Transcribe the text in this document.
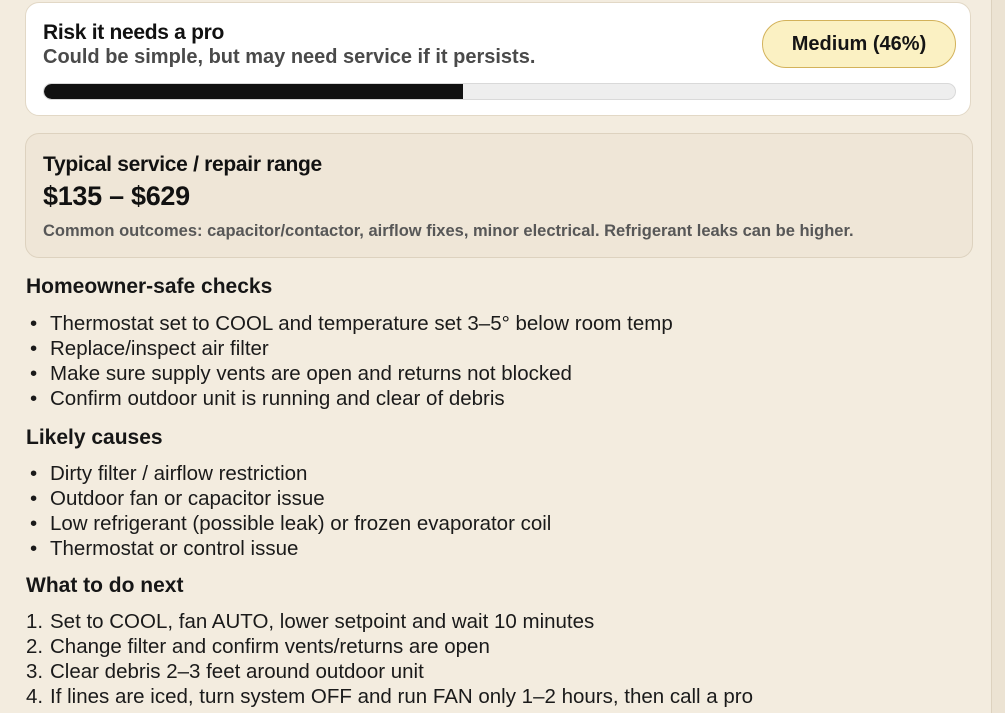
Risk it needs a pro
Could be simple, but may need service if it persists.
Medium (46%)
Typical service / repair range
$135 – $629
Common outcomes: capacitor/contactor, airflow fixes, minor electrical. Refrigerant leaks can be higher.
Homeowner-safe checks
• Thermostat set to COOL and temperature set 3–5° below room temp
• Replace/inspect air filter
• Make sure supply vents are open and returns not blocked
• Confirm outdoor unit is running and clear of debris
Likely causes
• Dirty filter / airflow restriction
• Outdoor fan or capacitor issue
• Low refrigerant (possible leak) or frozen evaporator coil
• Thermostat or control issue
What to do next
1. Set to COOL, fan AUTO, lower setpoint and wait 10 minutes
2. Change filter and confirm vents/returns are open
3. Clear debris 2–3 feet around outdoor unit
4. If lines are iced, turn system OFF and run FAN only 1–2 hours, then call a pro
